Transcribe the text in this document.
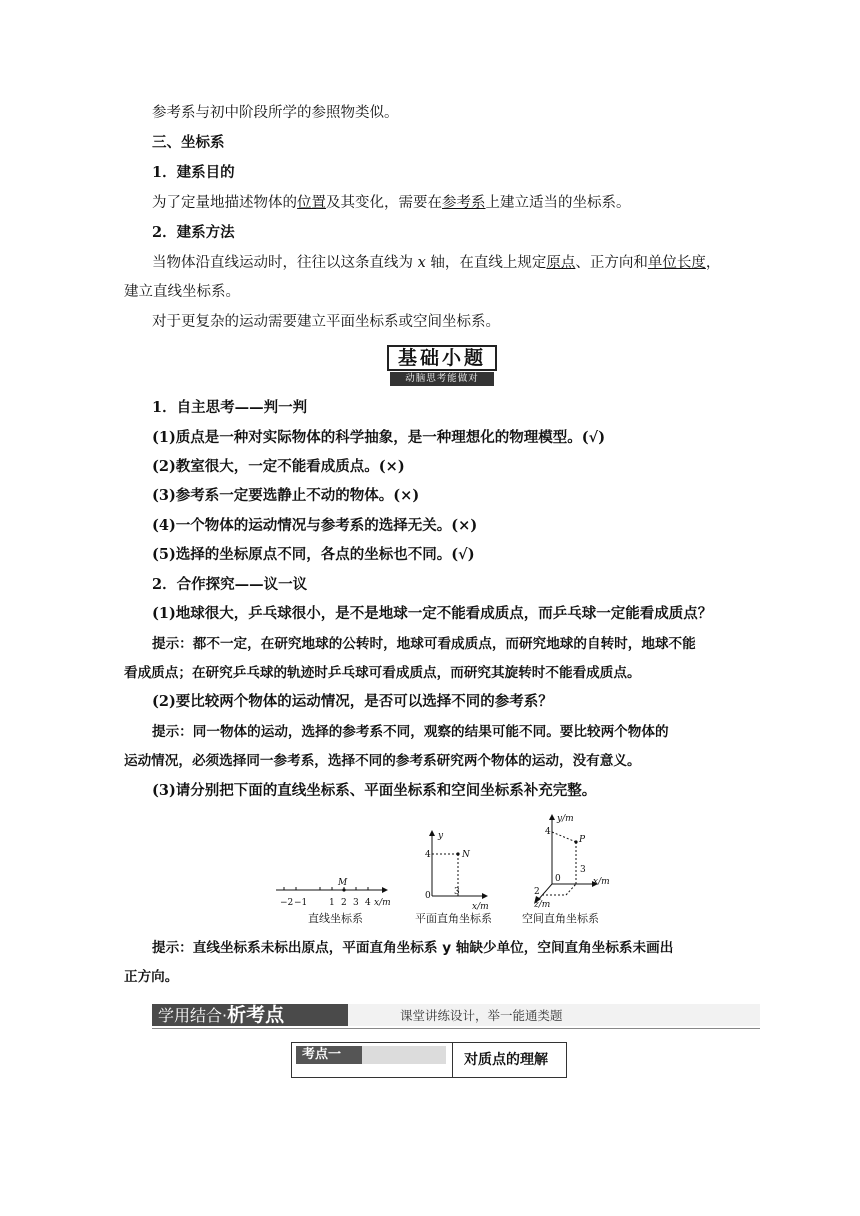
参考系与初中阶段所学的参照物类似。
三、坐标系
1．建系目的
为了定量地描述物体的位置及其变化，需要在参考系上建立适当的坐标系。
2．建系方法
当物体沿直线运动时，往往以这条直线为 x 轴，在直线上规定原点、正方向和单位长度，
建立直线坐标系。
对于更复杂的运动需要建立平面坐标系或空间坐标系。
基础小题
动脑思考能做对
1．自主思考——判一判
(1)质点是一种对实际物体的科学抽象，是一种理想化的物理模型。(√)
(2)教室很大，一定不能看成质点。(×)
(3)参考系一定要选静止不动的物体。(×)
(4)一个物体的运动情况与参考系的选择无关。(×)
(5)选择的坐标原点不同，各点的坐标也不同。(√)
2．合作探究——议一议
(1)地球很大，乒乓球很小，是不是地球一定不能看成质点，而乒乓球一定能看成质点？
提示：都不一定，在研究地球的公转时，地球可看成质点，而研究地球的自转时，地球不能
看成质点；在研究乒乓球的轨迹时乒乓球可看成质点，而研究其旋转时不能看成质点。
(2)要比较两个物体的运动情况，是否可以选择不同的参考系？
提示：同一物体的运动，选择的参考系不同，观察的结果可能不同。要比较两个物体的
运动情况，必须选择同一参考系，选择不同的参考系研究两个物体的运动，没有意义。
(3)请分别把下面的直线坐标系、平面坐标系和空间坐标系补充完整。
−2 −1 1 2 3 4
M
x/m
直线坐标系
y
4
0	3
N
x/m
平面直角坐标系
y/m
4
0
3
2
P
x/m
z/m
空间直角坐标系
提示：直线坐标系未标出原点，平面直角坐标系 y 轴缺少单位，空间直角坐标系未画出
正方向。
学用结合·析考点	课堂讲练设计，举一能通类题
考点一	对质点的理解
